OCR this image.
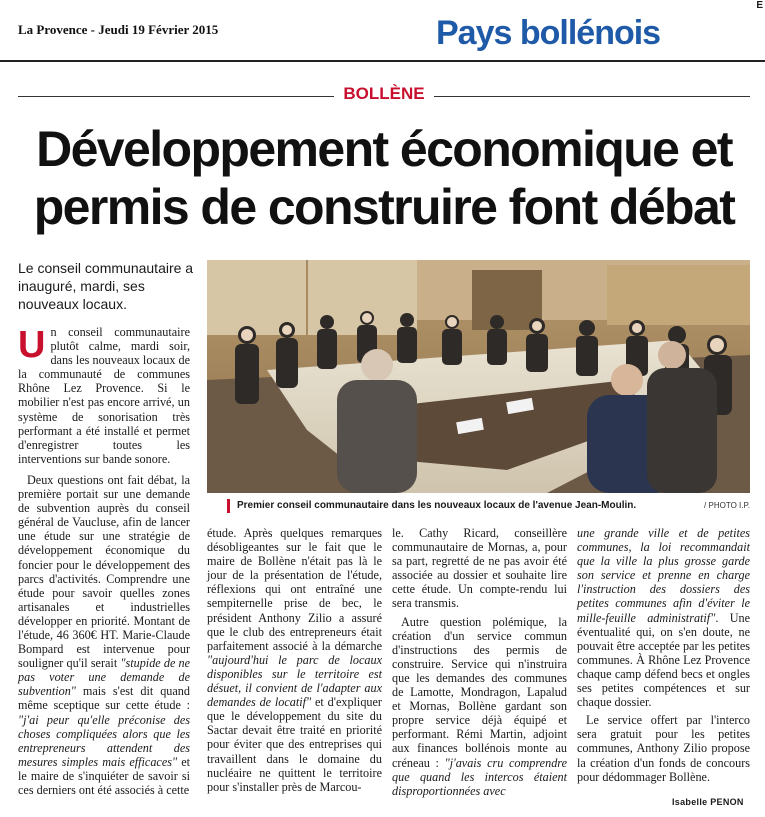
La Provence - Jeudi 19 Février 2015	Pays bollénois
E
BOLLÈNE
Développement économique et
permis de construire font débat
Le conseil communautaire a inauguré, mardi, ses nouveaux locaux.
Premier conseil communautaire dans les nouveaux locaux de l'avenue Jean-Moulin.	/ PHOTO I.P.

Un conseil communautaire plutôt calme, mardi soir, dans les nouveaux locaux de la communauté de communes Rhône Lez Provence. Si le mobilier n'est pas encore arrivé, un système de sonorisation très performant a été installé et permet d'enregistrer toutes les interventions sur bande sonore.

Deux questions ont fait débat, la première portait sur une demande de subvention auprès du conseil général de Vaucluse, afin de lancer une étude sur une stratégie de développement économique du foncier pour le développement des parcs d'activités. Comprendre une étude pour savoir quelles zones artisanales et industrielles développer en priorité. Montant de l'étude, 46 360€ HT. Marie-Claude Bompard est intervenue pour souligner qu'il serait "stupide de ne pas voter une demande de subvention" mais s'est dit quand même sceptique sur cette étude : "j'ai peur qu'elle préconise des choses compliquées alors que les entrepreneurs attendent des mesures simples mais efficaces" et le maire de s'inquiéter de savoir si ces derniers ont été associés à cette

étude. Après quelques remarques désobligeantes sur le fait que le maire de Bollène n'était pas là le jour de la présentation de l'étude, réflexions qui ont entraîné une sempiternelle prise de bec, le président Anthony Zilio a assuré que le club des entrepreneurs était parfaitement associé à la démarche "aujourd'hui le parc de locaux disponibles sur le territoire est désuet, il convient de l'adapter aux demandes de locatif" et d'expliquer que le développement du site du Sactar devait être traité en priorité pour éviter que des entreprises qui travaillent dans le domaine du nucléaire ne quittent le territoire pour s'installer près de Marcou-

le. Cathy Ricard, conseillère communautaire de Mornas, a, pour sa part, regretté de ne pas avoir été associée au dossier et souhaite lire cette étude. Un compte-rendu lui sera transmis.

Autre question polémique, la création d'un service commun d'instructions des permis de construire. Service qui n'instruira que les demandes des communes de Lamotte, Mondragon, Lapalud et Mornas, Bollène gardant son propre service déjà équipé et performant. Rémi Martin, adjoint aux finances bollénois monte au créneau : "j'avais cru comprendre que quand les intercos étaient disproportionnées avec

une grande ville et de petites communes, la loi recommandait que la ville la plus grosse garde son service et prenne en charge l'instruction des dossiers des petites communes afin d'éviter le mille-feuille administratif". Une éventualité qui, on s'en doute, ne pouvait être acceptée par les petites communes. À Rhône Lez Provence chaque camp défend becs et ongles ses petites compétences et sur chaque dossier.

Le service offert par l'interco sera gratuit pour les petites communes, Anthony Zilio propose la création d'un fonds de concours pour dédommager Bollène.

Isabelle PENON
